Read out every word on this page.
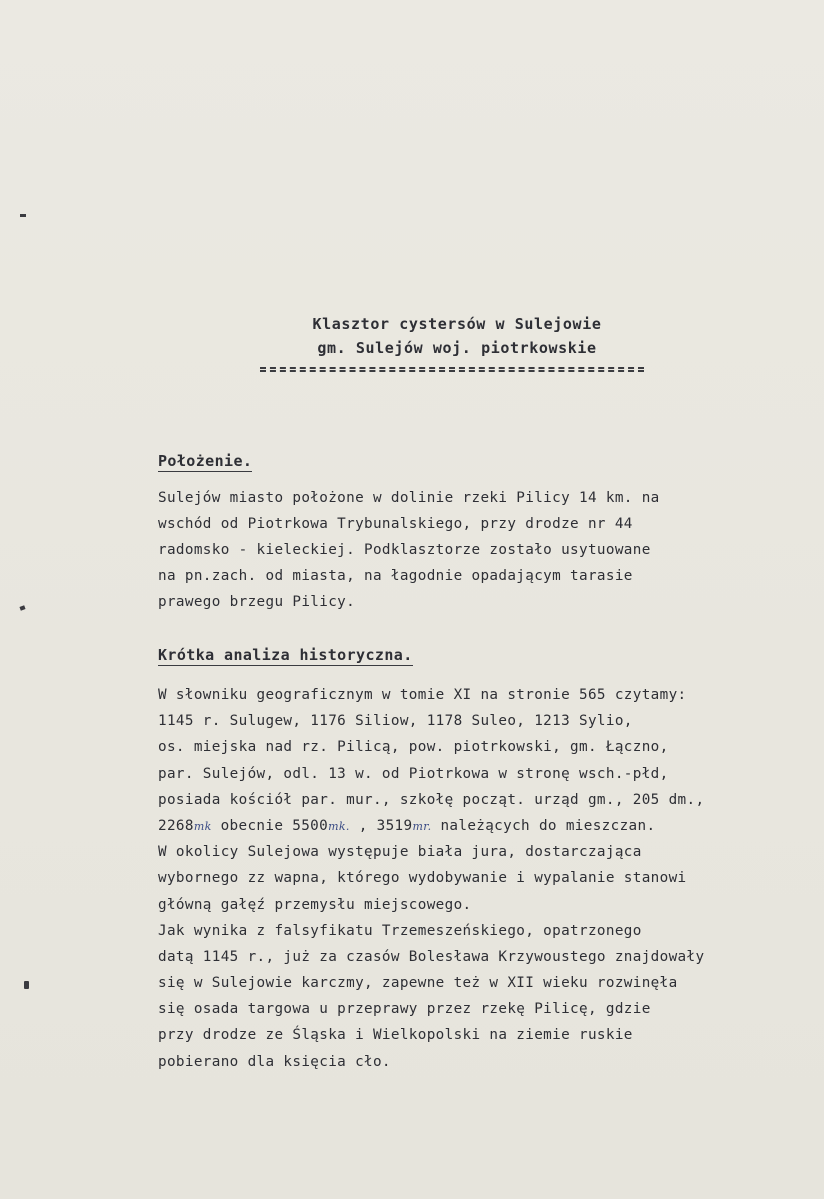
Klasztor cystersów w Sulejowie
gm. Sulejów woj. piotrkowskie
Położenie.
Sulejów miasto położone w dolinie rzeki Pilicy 14 km. na
wschód od Piotrkowa Trybunalskiego, przy drodze nr 44
radomsko - kieleckiej. Podklasztorze zostało usytuowane
na pn.zach. od miasta, na łagodnie opadającym tarasie
prawego brzegu Pilicy.
Krótka analiza historyczna.
W słowniku geograficznym w tomie XI na stronie 565 czytamy:
1145 r. Sulugew, 1176 Siliow, 1178 Suleo, 1213 Sylio,
os. miejska nad rz. Pilicą, pow. piotrkowski, gm. Łączno,
par. Sulejów, odl. 13 w. od Piotrkowa w stronę wsch.-płd,
posiada kościół par. mur., szkołę począt. urząd gm., 205 dm.,
2268mk obecnie 5500mk. , 3519mr. należących do mieszczan.
W okolicy Sulejowa występuje biała jura, dostarczająca
wybornego zz wapna, którego wydobywanie i wypalanie stanowi
główną gałęź przemysłu miejscowego.
Jak wynika z falsyfikatu Trzemeszeńskiego, opatrzonego
datą 1145 r., już za czasów Bolesława Krzywoustego znajdowały
się w Sulejowie karczmy, zapewne też w XII wieku rozwinęła
się osada targowa u przeprawy przez rzekę Pilicę, gdzie
przy drodze ze Śląska i Wielkopolski na ziemie ruskie
pobierano dla księcia cło.
